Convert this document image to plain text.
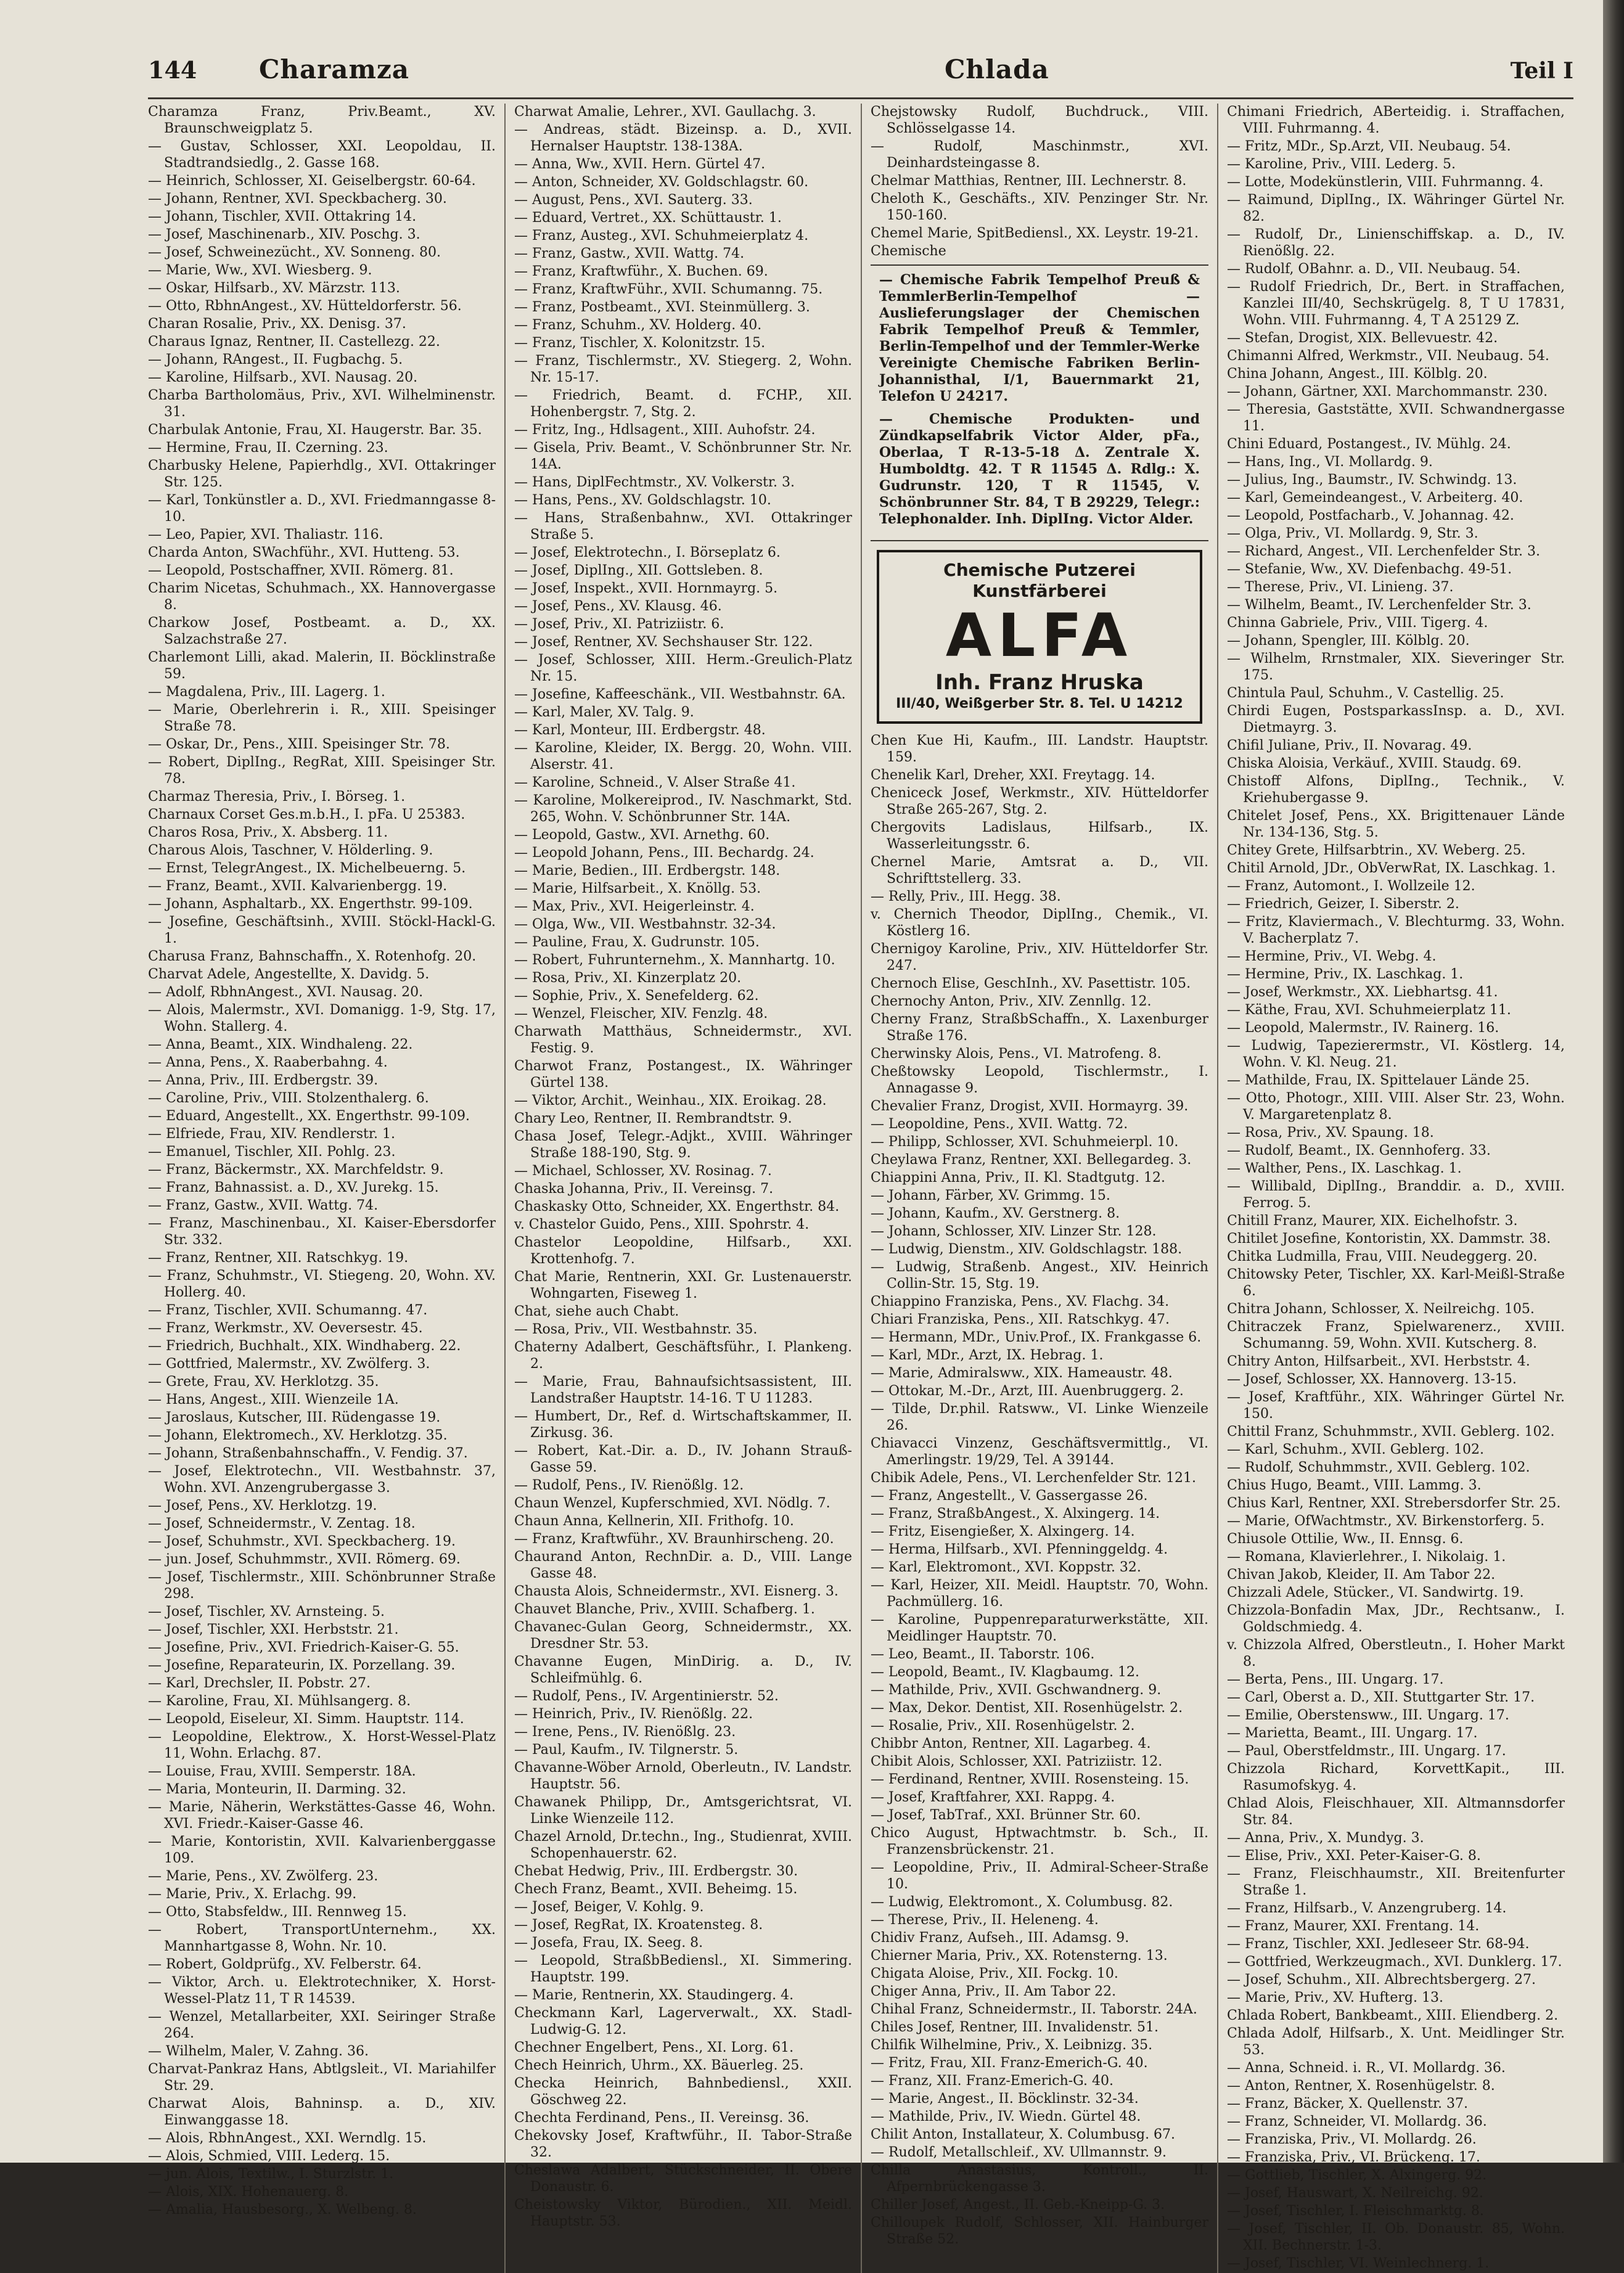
144	Charamza	Chlada	Teil I

Charamza Franz, Priv.Beamt., XV. Braunschweigplatz 5.

— Gustav, Schlosser, XXI. Leopoldau, II. Stadtrandsiedlg., 2. Gasse 168.

— Heinrich, Schlosser, XI. Geiselbergstr. 60-64.

— Johann, Rentner, XVI. Speckbacherg. 30.

— Johann, Tischler, XVII. Ottakring 14.

— Josef, Maschinenarb., XIV. Poschg. 3.

— Josef, Schweinezücht., XV. Sonneng. 80.

— Marie, Ww., XVI. Wiesberg. 9.

— Oskar, Hilfsarb., XV. Märzstr. 113.

— Otto, RbhnAngest., XV. Hütteldorferstr. 56.

Charan Rosalie, Priv., XX. Denisg. 37.

Charaus Ignaz, Rentner, II. Castellezg. 22.

— Johann, RAngest., II. Fugbachg. 5.

— Karoline, Hilfsarb., XVI. Nausag. 20.

Charba Bartholomäus, Priv., XVI. Wilhelminenstr. 31.

Charbulak Antonie, Frau, XI. Haugerstr. Bar. 35.

— Hermine, Frau, II. Czerning. 23.

Charbusky Helene, Papierhdlg., XVI. Ottakringer Str. 125.

— Karl, Tonkünstler a. D., XVI. Friedmanngasse 8-10.

— Leo, Papier, XVI. Thaliastr. 116.

Charda Anton, SWachführ., XVI. Hutteng. 53.

— Leopold, Postschaffner, XVII. Römerg. 81.

Charim Nicetas, Schuhmach., XX. Hannovergasse 8.

Charkow Josef, Postbeamt. a. D., XX. Salzachstraße 27.

Charlemont Lilli, akad. Malerin, II. Böcklinstraße 59.

— Magdalena, Priv., III. Lagerg. 1.

— Marie, Oberlehrerin i. R., XIII. Speisinger Straße 78.

— Oskar, Dr., Pens., XIII. Speisinger Str. 78.

— Robert, DiplIng., RegRat, XIII. Speisinger Str. 78.

Charmaz Theresia, Priv., I. Börseg. 1.

Charnaux Corset Ges.m.b.H., I. pFa. U 25383.

Charos Rosa, Priv., X. Absberg. 11.

Charous Alois, Taschner, V. Hölderling. 9.

— Ernst, TelegrAngest., IX. Michelbeuerng. 5.

— Franz, Beamt., XVII. Kalvarienbergg. 19.

— Johann, Asphaltarb., XX. Engerthstr. 99-109.

— Josefine, Geschäftsinh., XVIII. Stöckl-Hackl-G. 1.

Charusa Franz, Bahnschaffn., X. Rotenhofg. 20.

Charvat Adele, Angestellte, X. Davidg. 5.

— Adolf, RbhnAngest., XVI. Nausag. 20.

— Alois, Malermstr., XVI. Domanigg. 1-9, Stg. 17, Wohn. Stallerg. 4.

— Anna, Beamt., XIX. Windhaleng. 22.

— Anna, Pens., X. Raaberbahng. 4.

— Anna, Priv., III. Erdbergstr. 39.

— Caroline, Priv., VIII. Stolzenthalerg. 6.

— Eduard, Angestellt., XX. Engerthstr. 99-109.

— Elfriede, Frau, XIV. Rendlerstr. 1.

— Emanuel, Tischler, XII. Pohlg. 23.

— Franz, Bäckermstr., XX. Marchfeldstr. 9.

— Franz, Bahnassist. a. D., XV. Jurekg. 15.

— Franz, Gastw., XVII. Wattg. 74.

— Franz, Maschinenbau., XI. Kaiser-Ebersdorfer Str. 332.

— Franz, Rentner, XII. Ratschkyg. 19.

— Franz, Schuhmstr., VI. Stiegeng. 20, Wohn. XV. Hollerg. 40.

— Franz, Tischler, XVII. Schumanng. 47.

— Franz, Werkmstr., XV. Oeversestr. 45.

— Friedrich, Buchhalt., XIX. Windhaberg. 22.

— Gottfried, Malermstr., XV. Zwölferg. 3.

— Grete, Frau, XV. Herklotzg. 35.

— Hans, Angest., XIII. Wienzeile 1A.

— Jaroslaus, Kutscher, III. Rüdengasse 19.

— Johann, Elektromech., XV. Herklotzg. 35.

— Johann, Straßenbahnschaffn., V. Fendig. 37.

— Josef, Elektrotechn., VII. Westbahnstr. 37, Wohn. XVI. Anzengrubergasse 3.

— Josef, Pens., XV. Herklotzg. 19.

— Josef, Schneidermstr., V. Zentag. 18.

— Josef, Schuhmstr., XVI. Speckbacherg. 19.

— jun. Josef, Schuhmmstr., XVII. Römerg. 69.

— Josef, Tischlermstr., XIII. Schönbrunner Straße 298.

— Josef, Tischler, XV. Arnsteing. 5.

— Josef, Tischler, XXI. Herbststr. 21.

— Josefine, Priv., XVI. Friedrich-Kaiser-G. 55.

— Josefine, Reparateurin, IX. Porzellang. 39.

— Karl, Drechsler, II. Pobstr. 27.

— Karoline, Frau, XI. Mühlsangerg. 8.

— Leopold, Eiseleur, XI. Simm. Hauptstr. 114.

— Leopoldine, Elektrow., X. Horst-Wessel-Platz 11, Wohn. Erlachg. 87.

— Louise, Frau, XVIII. Semperstr. 18A.

— Maria, Monteurin, II. Darming. 32.

— Marie, Näherin, Werkstättes-Gasse 46, Wohn. XVI. Friedr.-Kaiser-Gasse 46.

— Marie, Kontoristin, XVII. Kalvarienberggasse 109.

— Marie, Pens., XV. Zwölferg. 23.

— Marie, Priv., X. Erlachg. 99.

— Otto, Stabsfeldw., III. Rennweg 15.

— Robert, TransportUnternehm., XX. Mannhartgasse 8, Wohn. Nr. 10.

— Robert, Goldprüfg., XV. Felberstr. 64.

— Viktor, Arch. u. Elektrotechniker, X. Horst-Wessel-Platz 11, T R 14539.

— Wenzel, Metallarbeiter, XXI. Seiringer Straße 264.

— Wilhelm, Maler, V. Zahng. 36.

Charvat-Pankraz Hans, Abtlgsleit., VI. Mariahilfer Str. 29.

Charwat Alois, Bahninsp. a. D., XIV. Einwanggasse 18.

— Alois, RbhnAngest., XXI. Werndlg. 15.

— Alois, Schmied, VIII. Lederg. 15.

— jun. Alois, Textilw., I. Sturzlstr. 1.

— Alois, XIX. Hohenauerg. 8.

— Amalia, Hausbesorg., X. Welbeng. 8.

Charwat Amalie, Lehrer., XVI. Gaullachg. 3.

— Andreas, städt. Bizeinsp. a. D., XVII. Hernalser Hauptstr. 138-138A.

— Anna, Ww., XVII. Hern. Gürtel 47.

— Anton, Schneider, XV. Goldschlagstr. 60.

— August, Pens., XVI. Sauterg. 33.

— Eduard, Vertret., XX. Schüttaustr. 1.

— Franz, Austeg., XVI. Schuhmeierplatz 4.

— Franz, Gastw., XVII. Wattg. 74.

— Franz, Kraftwführ., X. Buchen. 69.

— Franz, KraftwFühr., XVII. Schumanng. 75.

— Franz, Postbeamt., XVI. Steinmüllerg. 3.

— Franz, Schuhm., XV. Holderg. 40.

— Franz, Tischler, X. Kolonitzstr. 15.

— Franz, Tischlermstr., XV. Stiegerg. 2, Wohn. Nr. 15-17.

— Friedrich, Beamt. d. FCHP., XII. Hohenbergstr. 7, Stg. 2.

— Fritz, Ing., Hdlsagent., XIII. Auhofstr. 24.

— Gisela, Priv. Beamt., V. Schönbrunner Str. Nr. 14A.

— Hans, DiplFechtmstr., XV. Volkerstr. 3.

— Hans, Pens., XV. Goldschlagstr. 10.

— Hans, Straßenbahnw., XVI. Ottakringer Straße 5.

— Josef, Elektrotechn., I. Börseplatz 6.

— Josef, DiplIng., XII. Gottsleben. 8.

— Josef, Inspekt., XVII. Hornmayrg. 5.

— Josef, Pens., XV. Klausg. 46.

— Josef, Priv., XI. Patriziistr. 6.

— Josef, Rentner, XV. Sechshauser Str. 122.

— Josef, Schlosser, XIII. Herm.-Greulich-Platz Nr. 15.

— Josefine, Kaffeeschänk., VII. Westbahnstr. 6A.

— Karl, Maler, XV. Talg. 9.

— Karl, Monteur, III. Erdbergstr. 48.

— Karoline, Kleider, IX. Bergg. 20, Wohn. VIII. Alserstr. 41.

— Karoline, Schneid., V. Alser Straße 41.

— Karoline, Molkereiprod., IV. Naschmarkt, Std. 265, Wohn. V. Schönbrunner Str. 14A.

— Leopold, Gastw., XVI. Arnethg. 60.

— Leopold Johann, Pens., III. Bechardg. 24.

— Marie, Bedien., III. Erdbergstr. 148.

— Marie, Hilfsarbeit., X. Knöllg. 53.

— Max, Priv., XVI. Heigerleinstr. 4.

— Olga, Ww., VII. Westbahnstr. 32-34.

— Pauline, Frau, X. Gudrunstr. 105.

— Robert, Fuhrunternehm., X. Mannhartg. 10.

— Rosa, Priv., XI. Kinzerplatz 20.

— Sophie, Priv., X. Senefelderg. 62.

— Wenzel, Fleischer, XIV. Fenzlg. 48.

Charwath Matthäus, Schneidermstr., XVI. Festig. 9.

Charwot Franz, Postangest., IX. Währinger Gürtel 138.

— Viktor, Archit., Weinhau., XIX. Eroikag. 28.

Chary Leo, Rentner, II. Rembrandtstr. 9.

Chasa Josef, Telegr.-Adjkt., XVIII. Währinger Straße 188-190, Stg. 9.

— Michael, Schlosser, XV. Rosinag. 7.

Chaska Johanna, Priv., II. Vereinsg. 7.

Chaskasky Otto, Schneider, XX. Engerthstr. 84.

v. Chastelor Guido, Pens., XIII. Spohrstr. 4.

Chastelor Leopoldine, Hilfsarb., XXI. Krottenhofg. 7.

Chat Marie, Rentnerin, XXI. Gr. Lustenauerstr. Wohngarten, Fiseweg 1.

Chat, siehe auch Chabt.

— Rosa, Priv., VII. Westbahnstr. 35.

Chaterny Adalbert, Geschäftsführ., I. Plankeng. 2.

— Marie, Frau, Bahnaufsichtsassistent, III. Landstraßer Hauptstr. 14-16. T U 11283.

— Humbert, Dr., Ref. d. Wirtschaftskammer, II. Zirkusg. 36.

— Robert, Kat.-Dir. a. D., IV. Johann Strauß-Gasse 59.

— Rudolf, Pens., IV. Rienößlg. 12.

Chaun Wenzel, Kupferschmied, XVI. Nödlg. 7.

Chaun Anna, Kellnerin, XII. Frithofg. 10.

— Franz, Kraftwführ., XV. Braunhirscheng. 20.

Chaurand Anton, RechnDir. a. D., VIII. Lange Gasse 48.

Chausta Alois, Schneidermstr., XVI. Eisnerg. 3.

Chauvet Blanche, Priv., XVIII. Schafberg. 1.

Chavanec-Gulan Georg, Schneidermstr., XX. Dresdner Str. 53.

Chavanne Eugen, MinDirig. a. D., IV. Schleifmühlg. 6.

— Rudolf, Pens., IV. Argentinierstr. 52.

— Heinrich, Priv., IV. Rienößlg. 22.

— Irene, Pens., IV. Rienößlg. 23.

— Paul, Kaufm., IV. Tilgnerstr. 5.

Chavanne-Wöber Arnold, Oberleutn., IV. Landstr. Hauptstr. 56.

Chawanek Philipp, Dr., Amtsgerichtsrat, VI. Linke Wienzeile 112.

Chazel Arnold, Dr.techn., Ing., Studienrat, XVIII. Schopenhauerstr. 62.

Chebat Hedwig, Priv., III. Erdbergstr. 30.

Chech Franz, Beamt., XVII. Beheimg. 15.

— Josef, Beiger, V. Kohlg. 9.

— Josef, RegRat, IX. Kroatensteg. 8.

— Josefa, Frau, IX. Seeg. 8.

— Leopold, StraßbBediensl., XI. Simmering. Hauptstr. 199.

— Marie, Rentnerin, XX. Staudingerg. 4.

Checkmann Karl, Lagerverwalt., XX. Stadl-Ludwig-G. 12.

Chechner Engelbert, Pens., XI. Lorg. 61.

Chech Heinrich, Uhrm., XX. Bäuerleg. 25.

Checka Heinrich, Bahnbediensl., XXII. Göschweg 22.

Chechta Ferdinand, Pens., II. Vereinsg. 36.

Chekovsky Josef, Kraftwführ., II. Tabor-Straße 32.

Cheslawa Adalbert, Stückschneider, II. Obere Donaustr. 6.

Cheistowsky Viktor, Bürodien., XII. Meidl. Hauptstr. 53.

Chejstowsky Rudolf, Buchdruck., VIII. Schlösselgasse 14.

— Rudolf, Maschinmstr., XVI. Deinhardsteingasse 8.

Chelmar Matthias, Rentner, III. Lechnerstr. 8.

Cheloth K., Geschäfts., XIV. Penzinger Str. Nr. 150-160.

Chemel Marie, SpitBediensl., XX. Leystr. 19-21.

Chemische

— Chemische Fabrik Tempelhof Preuß & TemmlerBerlin-Tempelhof — Auslieferungslager der Chemischen Fabrik Tempelhof Preuß & Temmler, Berlin-Tempelhof und der Temmler-Werke Vereinigte Chemische Fabriken Berlin-Johannisthal, I/1, Bauernmarkt 21, Telefon U 24217.
— Chemische Produkten- und Zündkapselfabrik Victor Alder, pFa., Oberlaa, T R-13-5-18 Δ. Zentrale X. Humboldtg. 42. T R 11545 Δ. Rdlg.: X. Gudrunstr. 120, T R 11545, V. Schönbrunner Str. 84, T B 29229, Telegr.: Telephonalder. Inh. DiplIng. Victor Alder.
Chemische Putzerei
Kunstfärberei
ALFA
Inh. Franz Hruska
III/40, Weißgerber Str. 8. Tel. U 14212

Chen Kue Hi, Kaufm., III. Landstr. Hauptstr. 159.

Chenelik Karl, Dreher, XXI. Freytagg. 14.

Cheniceck Josef, Werkmstr., XIV. Hütteldorfer Straße 265-267, Stg. 2.

Chergovits Ladislaus, Hilfsarb., IX. Wasserleitungsstr. 6.

Chernel Marie, Amtsrat a. D., VII. Schrifttstellerg. 33.

— Relly, Priv., III. Hegg. 38.

v. Chernich Theodor, DiplIng., Chemik., VI. Köstlerg 16.

Chernigoy Karoline, Priv., XIV. Hütteldorfer Str. 247.

Chernoch Elise, GeschInh., XV. Pasettistr. 105.

Chernochy Anton, Priv., XIV. Zennllg. 12.

Cherny Franz, StraßbSchaffn., X. Laxenburger Straße 176.

Cherwinsky Alois, Pens., VI. Matrofeng. 8.

Cheßtowsky Leopold, Tischlermstr., I. Annagasse 9.

Chevalier Franz, Drogist, XVII. Hormayrg. 39.

— Leopoldine, Pens., XVII. Wattg. 72.

— Philipp, Schlosser, XVI. Schuhmeierpl. 10.

Cheylawa Franz, Rentner, XXI. Bellegardeg. 3.

Chiappini Anna, Priv., II. Kl. Stadtgutg. 12.

— Johann, Färber, XV. Grimmg. 15.

— Johann, Kaufm., XV. Gerstnerg. 8.

— Johann, Schlosser, XIV. Linzer Str. 128.

— Ludwig, Dienstm., XIV. Goldschlagstr. 188.

— Ludwig, Straßenb. Angest., XIV. Heinrich Collin-Str. 15, Stg. 19.

Chiappino Franziska, Pens., XV. Flachg. 34.

Chiari Franziska, Pens., XII. Ratschkyg. 47.

— Hermann, MDr., Univ.Prof., IX. Frankgasse 6.

— Karl, MDr., Arzt, IX. Hebrag. 1.

— Marie, Admiralsww., XIX. Hameaustr. 48.

— Ottokar, M.-Dr., Arzt, III. Auenbruggerg. 2.

— Tilde, Dr.phil. Ratsww., VI. Linke Wienzeile 26.

Chiavacci Vinzenz, Geschäftsvermittlg., VI. Amerlingstr. 19/29, Tel. A 39144.

Chibik Adele, Pens., VI. Lerchenfelder Str. 121.

— Franz, Angestellt., V. Gassergasse 26.

— Franz, StraßbAngest., X. Alxingerg. 14.

— Fritz, Eisengießer, X. Alxingerg. 14.

— Herma, Hilfsarb., XVI. Pfenninggeldg. 4.

— Karl, Elektromont., XVI. Koppstr. 32.

— Karl, Heizer, XII. Meidl. Hauptstr. 70, Wohn. Pachmüllerg. 16.

— Karoline, Puppenreparaturwerkstätte, XII. Meidlinger Hauptstr. 70.

— Leo, Beamt., II. Taborstr. 106.

— Leopold, Beamt., IV. Klagbaumg. 12.

— Mathilde, Priv., XVII. Gschwandnerg. 9.

— Max, Dekor. Dentist, XII. Rosenhügelstr. 2.

— Rosalie, Priv., XII. Rosenhügelstr. 2.

Chibbr Anton, Rentner, XII. Lagarbeg. 4.

Chibit Alois, Schlosser, XXI. Patriziistr. 12.

— Ferdinand, Rentner, XVIII. Rosensteing. 15.

— Josef, Kraftfahrer, XXI. Rappg. 4.

— Josef, TabTraf., XXI. Brünner Str. 60.

Chico August, Hptwachtmstr. b. Sch., II. Franzensbrückenstr. 21.

— Leopoldine, Priv., II. Admiral-Scheer-Straße 10.

— Ludwig, Elektromont., X. Columbusg. 82.

— Therese, Priv., II. Heleneng. 4.

Chidiv Franz, Aufseh., III. Adamsg. 9.

Chierner Maria, Priv., XX. Rotensterng. 13.

Chigata Aloise, Priv., XII. Fockg. 10.

Chiger Anna, Priv., II. Am Tabor 22.

Chihal Franz, Schneidermstr., II. Taborstr. 24A.

Chiles Josef, Rentner, III. Invalidenstr. 51.

Chilfik Wilhelmine, Priv., X. Leibnizg. 35.

— Fritz, Frau, XII. Franz-Emerich-G. 40.

— Franz, XII. Franz-Emerich-G. 40.

— Marie, Angest., II. Böcklinstr. 32-34.

— Mathilde, Priv., IV. Wiedn. Gürtel 48.

Chilit Anton, Installateur, X. Columbusg. 67.

— Rudolf, Metallschleif., XV. Ullmannstr. 9.

Chilla Anastasius, Kontroll., II. Afpernbrückengasse 3.

Chiller Josef, Angest., II. Geb.-Kneipp-G. 3.

Chilloupek Rudolf, Schlosser, XII. Hainburger Straße 52.

Chimani Friedrich, ABerteidig. i. Straffachen, VIII. Fuhrmanng. 4.

— Fritz, MDr., Sp.Arzt, VII. Neubaug. 54.

— Karoline, Priv., VIII. Lederg. 5.

— Lotte, Modekünstlerin, VIII. Fuhrmanng. 4.

— Raimund, DiplIng., IX. Währinger Gürtel Nr. 82.

— Rudolf, Dr., Linienschiffskap. a. D., IV. Rienößlg. 22.

— Rudolf, OBahnr. a. D., VII. Neubaug. 54.

— Rudolf Friedrich, Dr., Bert. in Straffachen, Kanzlei III/40, Sechskrügelg. 8, T U 17831, Wohn. VIII. Fuhrmanng. 4, T A 25129 Z.

— Stefan, Drogist, XIX. Bellevuestr. 42.

Chimanni Alfred, Werkmstr., VII. Neubaug. 54.

China Johann, Angest., III. Kölblg. 20.

— Johann, Gärtner, XXI. Marchommanstr. 230.

— Theresia, Gaststätte, XVII. Schwandnergasse 11.

Chini Eduard, Postangest., IV. Mühlg. 24.

— Hans, Ing., VI. Mollardg. 9.

— Julius, Ing., Baumstr., IV. Schwindg. 13.

— Karl, Gemeindeangest., V. Arbeiterg. 40.

— Leopold, Postfacharb., V. Johannag. 42.

— Olga, Priv., VI. Mollardg. 9, Str. 3.

— Richard, Angest., VII. Lerchenfelder Str. 3.

— Stefanie, Ww., XV. Diefenbachg. 49-51.

— Therese, Priv., VI. Linieng. 37.

— Wilhelm, Beamt., IV. Lerchenfelder Str. 3.

Chinna Gabriele, Priv., VIII. Tigerg. 4.

— Johann, Spengler, III. Kölblg. 20.

— Wilhelm, Rrnstmaler, XIX. Sieveringer Str. 175.

Chintula Paul, Schuhm., V. Castellig. 25.

Chirdi Eugen, PostsparkassInsp. a. D., XVI. Dietmayrg. 3.

Chifil Juliane, Priv., II. Novarag. 49.

Chiska Aloisia, Verkäuf., XVIII. Staudg. 69.

Chistoff Alfons, DiplIng., Technik., V. Kriehubergasse 9.

Chitelet Josef, Pens., XX. Brigittenauer Lände Nr. 134-136, Stg. 5.

Chitey Grete, Hilfsarbtrin., XV. Weberg. 25.

Chitil Arnold, JDr., ObVerwRat, IX. Laschkag. 1.

— Franz, Automont., I. Wollzeile 12.

— Friedrich, Geizer, I. Siberstr. 2.

— Fritz, Klaviermach., V. Blechturmg. 33, Wohn. V. Bacherplatz 7.

— Hermine, Priv., VI. Webg. 4.

— Hermine, Priv., IX. Laschkag. 1.

— Josef, Werkmstr., XX. Liebhartsg. 41.

— Käthe, Frau, XVI. Schuhmeierplatz 11.

— Leopold, Malermstr., IV. Rainerg. 16.

— Ludwig, Tapezierermstr., VI. Köstlerg. 14, Wohn. V. Kl. Neug. 21.

— Mathilde, Frau, IX. Spittelauer Lände 25.

— Otto, Photogr., XIII. VIII. Alser Str. 23, Wohn. V. Margaretenplatz 8.

— Rosa, Priv., XV. Spaung. 18.

— Rudolf, Beamt., IX. Gennhoferg. 33.

— Walther, Pens., IX. Laschkag. 1.

— Willibald, DiplIng., Branddir. a. D., XVIII. Ferrog. 5.

Chitill Franz, Maurer, XIX. Eichelhofstr. 3.

Chitilet Josefine, Kontoristin, XX. Dammstr. 38.

Chitka Ludmilla, Frau, VIII. Neudeggerg. 20.

Chitowsky Peter, Tischler, XX. Karl-Meißl-Straße 6.

Chitra Johann, Schlosser, X. Neilreichg. 105.

Chitraczek Franz, Spielwarenerz., XVIII. Schumanng. 59, Wohn. XVII. Kutscherg. 8.

Chitry Anton, Hilfsarbeit., XVI. Herbststr. 4.

— Josef, Schlosser, XX. Hannoverg. 13-15.

— Josef, Kraftführ., XIX. Währinger Gürtel Nr. 150.

Chittil Franz, Schuhmmstr., XVII. Geblerg. 102.

— Karl, Schuhm., XVII. Geblerg. 102.

— Rudolf, Schuhmmstr., XVII. Geblerg. 102.

Chius Hugo, Beamt., VIII. Lammg. 3.

Chius Karl, Rentner, XXI. Strebersdorfer Str. 25.

— Marie, OfWachtmstr., XV. Birkenstorferg. 5.

Chiusole Ottilie, Ww., II. Ennsg. 6.

— Romana, Klavierlehrer., I. Nikolaig. 1.

Chivan Jakob, Kleider, II. Am Tabor 22.

Chizzali Adele, Stücker., VI. Sandwirtg. 19.

Chizzola-Bonfadin Max, JDr., Rechtsanw., I. Goldschmiedg. 4.

v. Chizzola Alfred, Oberstleutn., I. Hoher Markt 8.

— Berta, Pens., III. Ungarg. 17.

— Carl, Oberst a. D., XII. Stuttgarter Str. 17.

— Emilie, Oberstensww., III. Ungarg. 17.

— Marietta, Beamt., III. Ungarg. 17.

— Paul, Oberstfeldmstr., III. Ungarg. 17.

Chizzola Richard, KorvettKapit., III. Rasumofskyg. 4.

Chlad Alois, Fleischhauer, XII. Altmannsdorfer Str. 84.

— Anna, Priv., X. Mundyg. 3.

— Elise, Priv., XXI. Peter-Kaiser-G. 8.

— Franz, Fleischhaumstr., XII. Breitenfurter Straße 1.

— Franz, Hilfsarb., V. Anzengruberg. 14.

— Franz, Maurer, XXI. Frentang. 14.

— Franz, Tischler, XXI. Jedleseer Str. 68-94.

— Gottfried, Werkzeugmach., XVI. Dunklerg. 17.

— Josef, Schuhm., XII. Albrechtsbergerg. 27.

— Marie, Priv., XV. Hufterg. 13.

Chlada Robert, Bankbeamt., XIII. Eliendberg. 2.

Chlada Adolf, Hilfsarb., X. Unt. Meidlinger Str. 53.

— Anna, Schneid. i. R., VI. Mollardg. 36.

— Anton, Rentner, X. Rosenhügelstr. 8.

— Franz, Bäcker, X. Quellenstr. 37.

— Franz, Schneider, VI. Mollardg. 36.

— Franziska, Priv., VI. Mollardg. 26.

— Franziska, Priv., VI. Brückeng. 17.

— Gottlieb, Tischler, X. Alxingerg. 92.

— Josef, Hauswart, X. Neilreichg. 92.

— Josef, Tischler, I. Fleischmarktg. 8.

— Josef, Tischler, II. Ob. Donaustr. 85, Wohn. XII. Bechnerstr. 1-3.

— Josef, Tischler, VI. Weinlechnerg. 1.
